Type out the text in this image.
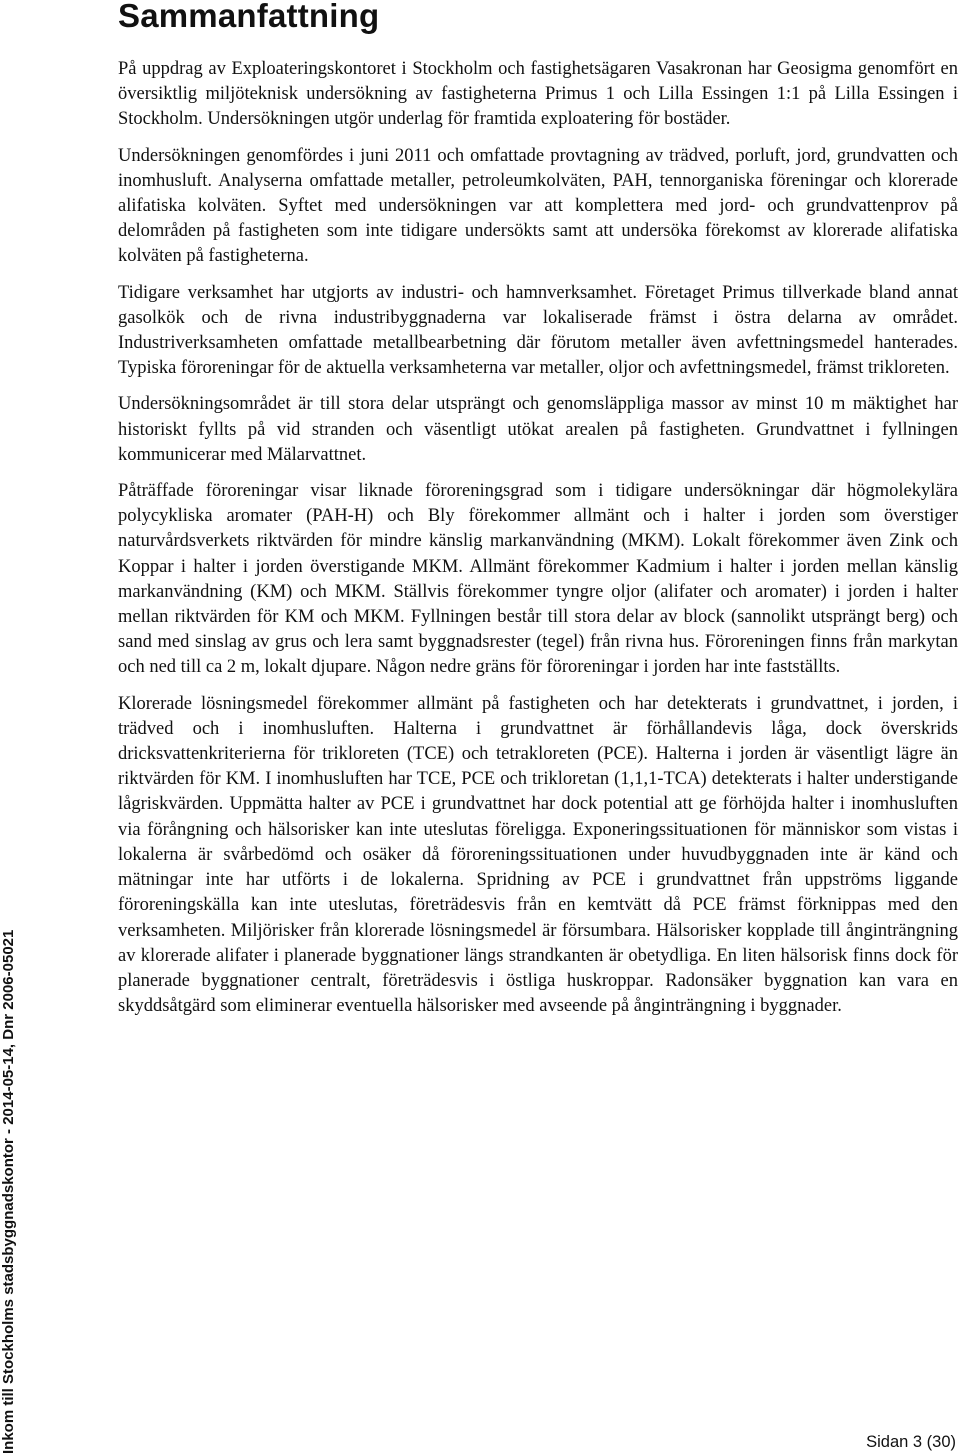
Sammanfattning

På uppdrag av Exploateringskontoret i Stockholm och fastighetsägaren Vasakronan har Geosigma genomfört en översiktlig miljöteknisk undersökning av fastigheterna Primus 1 och Lilla Essingen 1:1 på Lilla Essingen i Stockholm. Undersökningen utgör underlag för framtida exploatering för bostäder.

Undersökningen genomfördes i juni 2011 och omfattade provtagning av trädved, porluft, jord, grundvatten och inomhusluft. Analyserna omfattade metaller, petroleumkolväten, PAH, tennorganiska föreningar och klorerade alifatiska kolväten. Syftet med undersökningen var att komplettera med jord- och grundvattenprov på delområden på fastigheten som inte tidigare undersökts samt att undersöka förekomst av klorerade alifatiska kolväten på fastigheterna.

Tidigare verksamhet har utgjorts av industri- och hamnverksamhet. Företaget Primus tillverkade bland annat gasolkök och de rivna industribyggnaderna var lokaliserade främst i östra delarna av området. Industriverksamheten omfattade metallbearbetning där förutom metaller även avfettningsmedel hanterades. Typiska föroreningar för de aktuella verksamheterna var metaller, oljor och avfettningsmedel, främst trikloreten.

Undersökningsområdet är till stora delar utsprängt och genomsläppliga massor av minst 10 m mäktighet har historiskt fyllts på vid stranden och väsentligt utökat arealen på fastigheten. Grundvattnet i fyllningen kommunicerar med Mälarvattnet.

Påträffade föroreningar visar liknade föroreningsgrad som i tidigare undersökningar där högmolekylära polycykliska aromater (PAH-H) och Bly förekommer allmänt och i halter i jorden som överstiger naturvårdsverkets riktvärden för mindre känslig markanvändning (MKM). Lokalt förekommer även Zink och Koppar i halter i jorden överstigande MKM. Allmänt förekommer Kadmium i halter i jorden mellan känslig markanvändning (KM) och MKM. Ställvis förekommer tyngre oljor (alifater och aromater) i jorden i halter mellan riktvärden för KM och MKM. Fyllningen består till stora delar av block (sannolikt utsprängt berg) och sand med sinslag av grus och lera samt byggnadsrester (tegel) från rivna hus. Föroreningen finns från markytan och ned till ca 2 m, lokalt djupare. Någon nedre gräns för föroreningar i jorden har inte fastställts.

Klorerade lösningsmedel förekommer allmänt på fastigheten och har detekterats i grundvattnet, i jorden, i trädved och i inomhusluften. Halterna i grundvattnet är förhållandevis låga, dock överskrids dricksvattenkriterierna för trikloreten (TCE) och tetrakloreten (PCE). Halterna i jorden är väsentligt lägre än riktvärden för KM. I inomhusluften har TCE, PCE och trikloretan (1,1,1-TCA) detekterats i halter understigande lågriskvärden. Uppmätta halter av PCE i grundvattnet har dock potential att ge förhöjda halter i inomhusluften via förångning och hälsorisker kan inte uteslutas föreligga. Exponeringssituationen för människor som vistas i lokalerna är svårbedömd och osäker då föroreningssituationen under huvudbyggnaden inte är känd och mätningar inte har utförts i de lokalerna. Spridning av PCE i grundvattnet från uppströms liggande föroreningskälla kan inte uteslutas, företrädesvis från en kemtvätt då PCE främst förknippas med den verksamheten. Miljörisker från klorerade lösningsmedel är försumbara. Hälsorisker kopplade till ånginträngning av klorerade alifater i planerade byggnationer längs strandkanten är obetydliga. En liten hälsorisk finns dock för planerade byggnationer centralt, företrädesvis i östliga huskroppar. Radonsäker byggnation kan vara en skyddsåtgärd som eliminerar eventuella hälsorisker med avseende på ånginträngning i byggnader.

Inkom till Stockholms stadsbyggnadskontor - 2014-05-14, Dnr 2006-05021	Sidan 3 (30)
